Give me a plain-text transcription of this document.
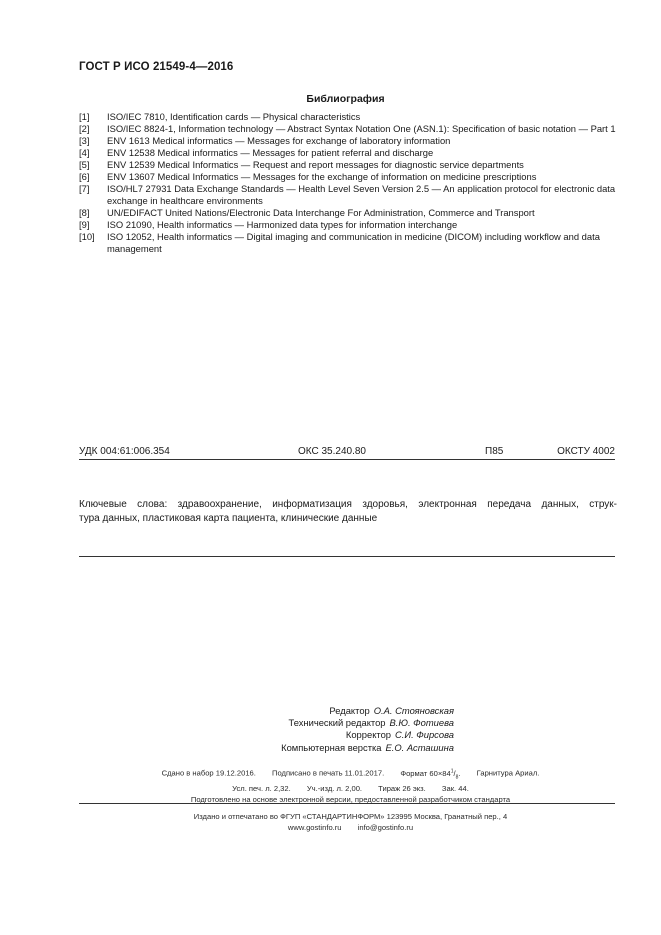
ГОСТ Р ИСО 21549-4—2016
Библиография
[1]	ISO/IEC 7810, Identification cards — Physical characteristics
[2]	ISO/IEC 8824-1, Information technology — Abstract Syntax Notation One (ASN.1): Specification of basic notation — Part 1
[3]	ENV 1613 Medical informatics — Messages for exchange of laboratory information
[4]	ENV 12538 Medical informatics — Messages for patient referral and discharge
[5]	ENV 12539 Medical Informatics — Request and report messages for diagnostic service departments
[6]	ENV 13607 Medical Informatics — Messages for the exchange of information on medicine prescriptions
[7]	ISO/HL7 27931 Data Exchange Standards — Health Level Seven Version 2.5 — An application protocol for electronic data exchange in healthcare environments
[8]	UN/EDIFACT United Nations/Electronic Data Interchange For Administration, Commerce and Transport
[9]	ISO 21090, Health informatics — Harmonized data types for information interchange
[10]	ISO 12052, Health informatics — Digital imaging and communication in medicine (DICOM) including workflow and data management
УДК 004:61:006.354	ОКС 35.240.80	П85	ОКСТУ 4002
Ключевые слова: здравоохранение, информатизация здоровья, электронная передача данных, струк-
тура данных, пластиковая карта пациента, клинические данные
Редактор О.А. Стояновская
Технический редактор В.Ю. Фотиева
Корректор С.И. Фирсова
Компьютерная верстка Е.О. Асташина
Сдано в набор 19.12.2016. Подписано в печать 11.01.2017. Формат $60\times 84^1/_8$. Гарнитура Ариал.
Усл. печ. л. 2,32. Уч.-изд. л. 2,00. Тираж 26 экз. Зак. 44.
Подготовлено на основе электронной версии, предоставленной разработчиком стандарта
Издано и отпечатано во ФГУП «СТАНДАРТИНФОРМ» 123995 Москва, Гранатный пер., 4
www.gostinfo.ru info@gostinfo.ru
